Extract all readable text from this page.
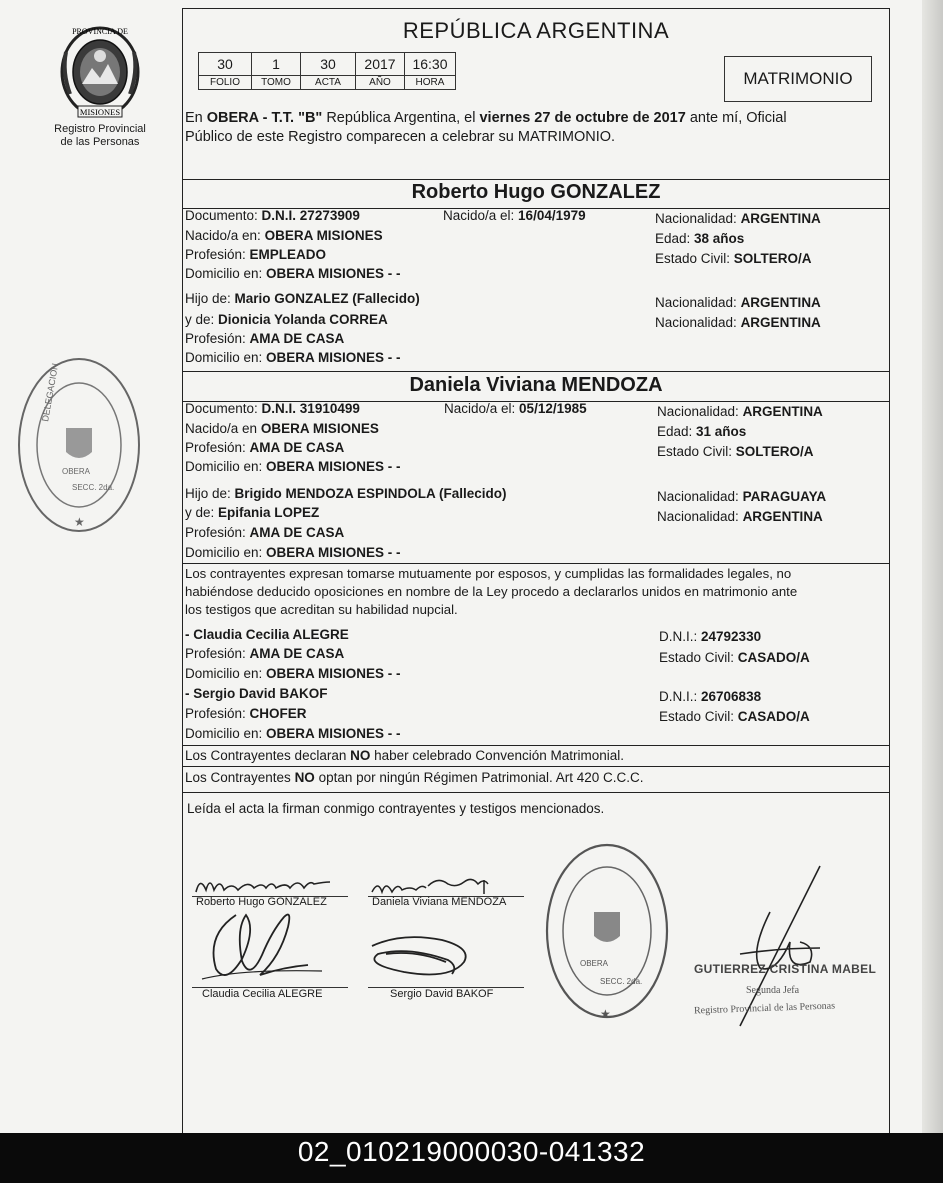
PROVINCIA DE
MISIONES
Registro Provincial
de las Personas
DELEGACION
OBERA
SECC. 2da.
★
REPÚBLICA ARGENTINA
30	1	30	2017	16:30
FOLIO	TOMO	ACTA	AÑO	HORA	MATRIMONIO
En OBERA - T.T. "B" República Argentina, el viernes 27 de octubre de 2017 ante mí, Oficial
Público de este Registro comparecen a celebrar su MATRIMONIO.
Roberto Hugo GONZALEZ
Documento: D.N.I. 27273909	Nacido/a el: 16/04/1979	Nacionalidad: ARGENTINA
Nacido/a en: OBERA MISIONES	Edad: 38 años
Profesión: EMPLEADO	Estado Civil: SOLTERO/A
Domicilio en: OBERA MISIONES - -
Hijo de: Mario GONZALEZ (Fallecido)	Nacionalidad: ARGENTINA
y de: Dionicia Yolanda CORREA	Nacionalidad: ARGENTINA
Profesión: AMA DE CASA
Domicilio en: OBERA MISIONES - -
Daniela Viviana MENDOZA
Documento: D.N.I. 31910499	Nacido/a el: 05/12/1985	Nacionalidad: ARGENTINA
Nacido/a en OBERA MISIONES	Edad: 31 años
Profesión: AMA DE CASA	Estado Civil: SOLTERO/A
Domicilio en: OBERA MISIONES - -
Hijo de: Brigido MENDOZA ESPINDOLA (Fallecido)	Nacionalidad: PARAGUAYA
y de: Epifania LOPEZ	Nacionalidad: ARGENTINA
Profesión: AMA DE CASA
Domicilio en: OBERA MISIONES - -
Los contrayentes expresan tomarse mutuamente por esposos, y cumplidas las formalidades legales, no
habiéndose deducido oposiciones en nombre de la Ley procedo a declararlos unidos en matrimonio ante
los testigos que acreditan su habilidad nupcial.
- Claudia Cecilia ALEGRE	D.N.I.: 24792330
Profesión: AMA DE CASA	Estado Civil: CASADO/A
Domicilio en: OBERA MISIONES - -
- Sergio David BAKOF	D.N.I.: 26706838
Profesión: CHOFER	Estado Civil: CASADO/A
Domicilio en: OBERA MISIONES - -
Los Contrayentes declaran NO haber celebrado Convención Matrimonial.
Los Contrayentes NO optan por ningún Régimen Patrimonial. Art 420 C.C.C.
Leída el acta la firman conmigo contrayentes y testigos mencionados.
Roberto Hugo GONZALEZ	Daniela Viviana MENDOZA
Claudia Cecilia ALEGRE	Sergio David BAKOF
OBERA
SECC. 2da.
★
GUTIERREZ CRISTINA MABEL
Segunda Jefa
Registro Provincial de las Personas
02_010219000030-041332
